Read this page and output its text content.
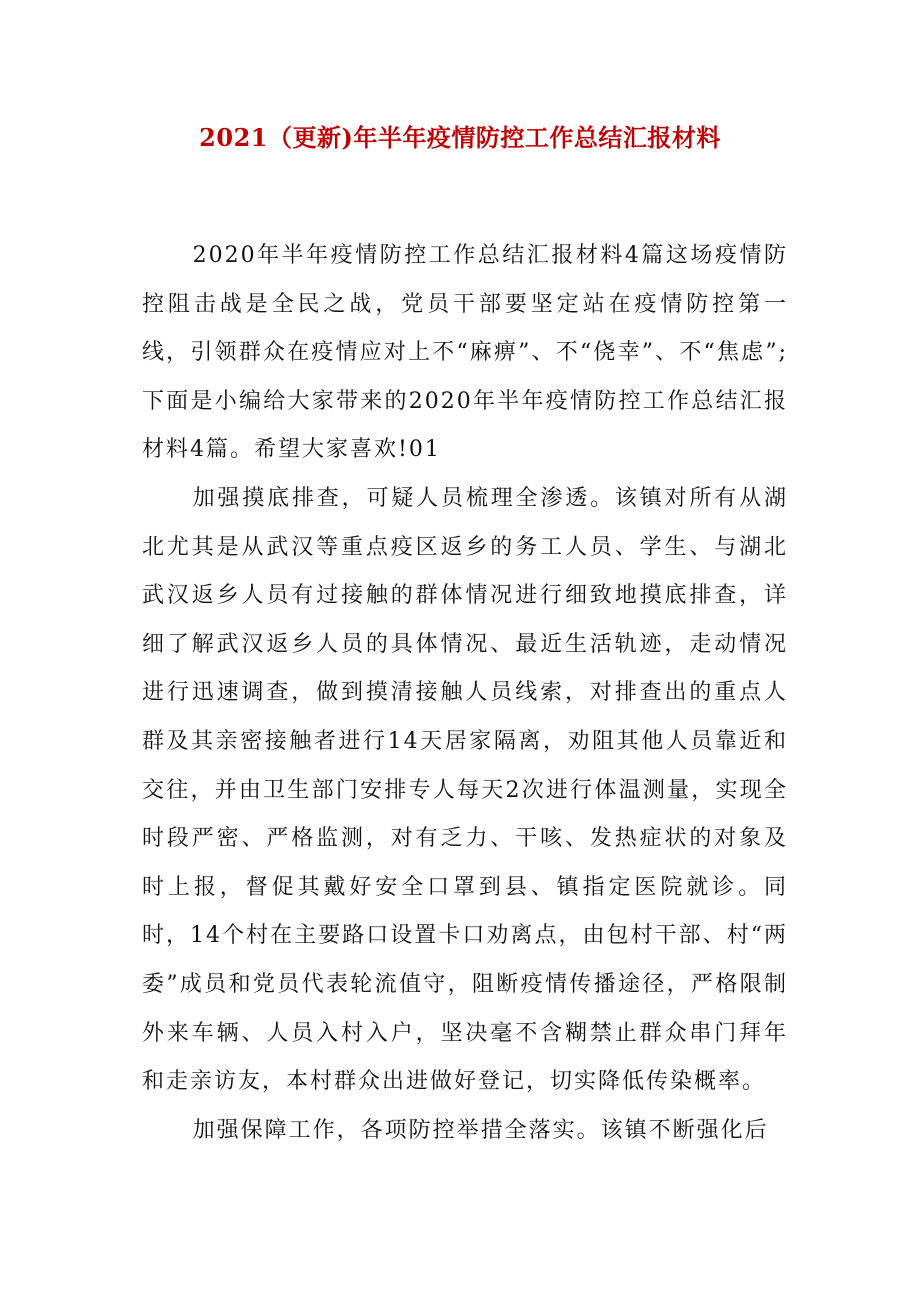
2021（更新)年半年疫情防控工作总结汇报材料

2020年半年疫情防控工作总结汇报材料4篇这场疫情防控阻击战是全民之战，党员干部要坚定站在疫情防控第一线，引领群众在疫情应对上不“麻痹”、不“侥幸”、不“焦虑”;下面是小编给大家带来的2020年半年疫情防控工作总结汇报材料4篇。希望大家喜欢!01

加强摸底排查，可疑人员梳理全渗透。该镇对所有从湖北尤其是从武汉等重点疫区返乡的务工人员、学生、与湖北武汉返乡人员有过接触的群体情况进行细致地摸底排查，详细了解武汉返乡人员的具体情况、最近生活轨迹，走动情况进行迅速调查，做到摸清接触人员线索，对排查出的重点人群及其亲密接触者进行14天居家隔离，劝阻其他人员靠近和交往，并由卫生部门安排专人每天2次进行体温测量，实现全时段严密、严格监测，对有乏力、干咳、发热症状的对象及时上报，督促其戴好安全口罩到县、镇指定医院就诊。同时，14个村在主要路口设置卡口劝离点，由包村干部、村“两委”成员和党员代表轮流值守，阻断疫情传播途径，严格限制外来车辆、人员入村入户，坚决毫不含糊禁止群众串门拜年和走亲访友，本村群众出进做好登记，切实降低传染概率。

加强保障工作，各项防控举措全落实。该镇不断强化后
